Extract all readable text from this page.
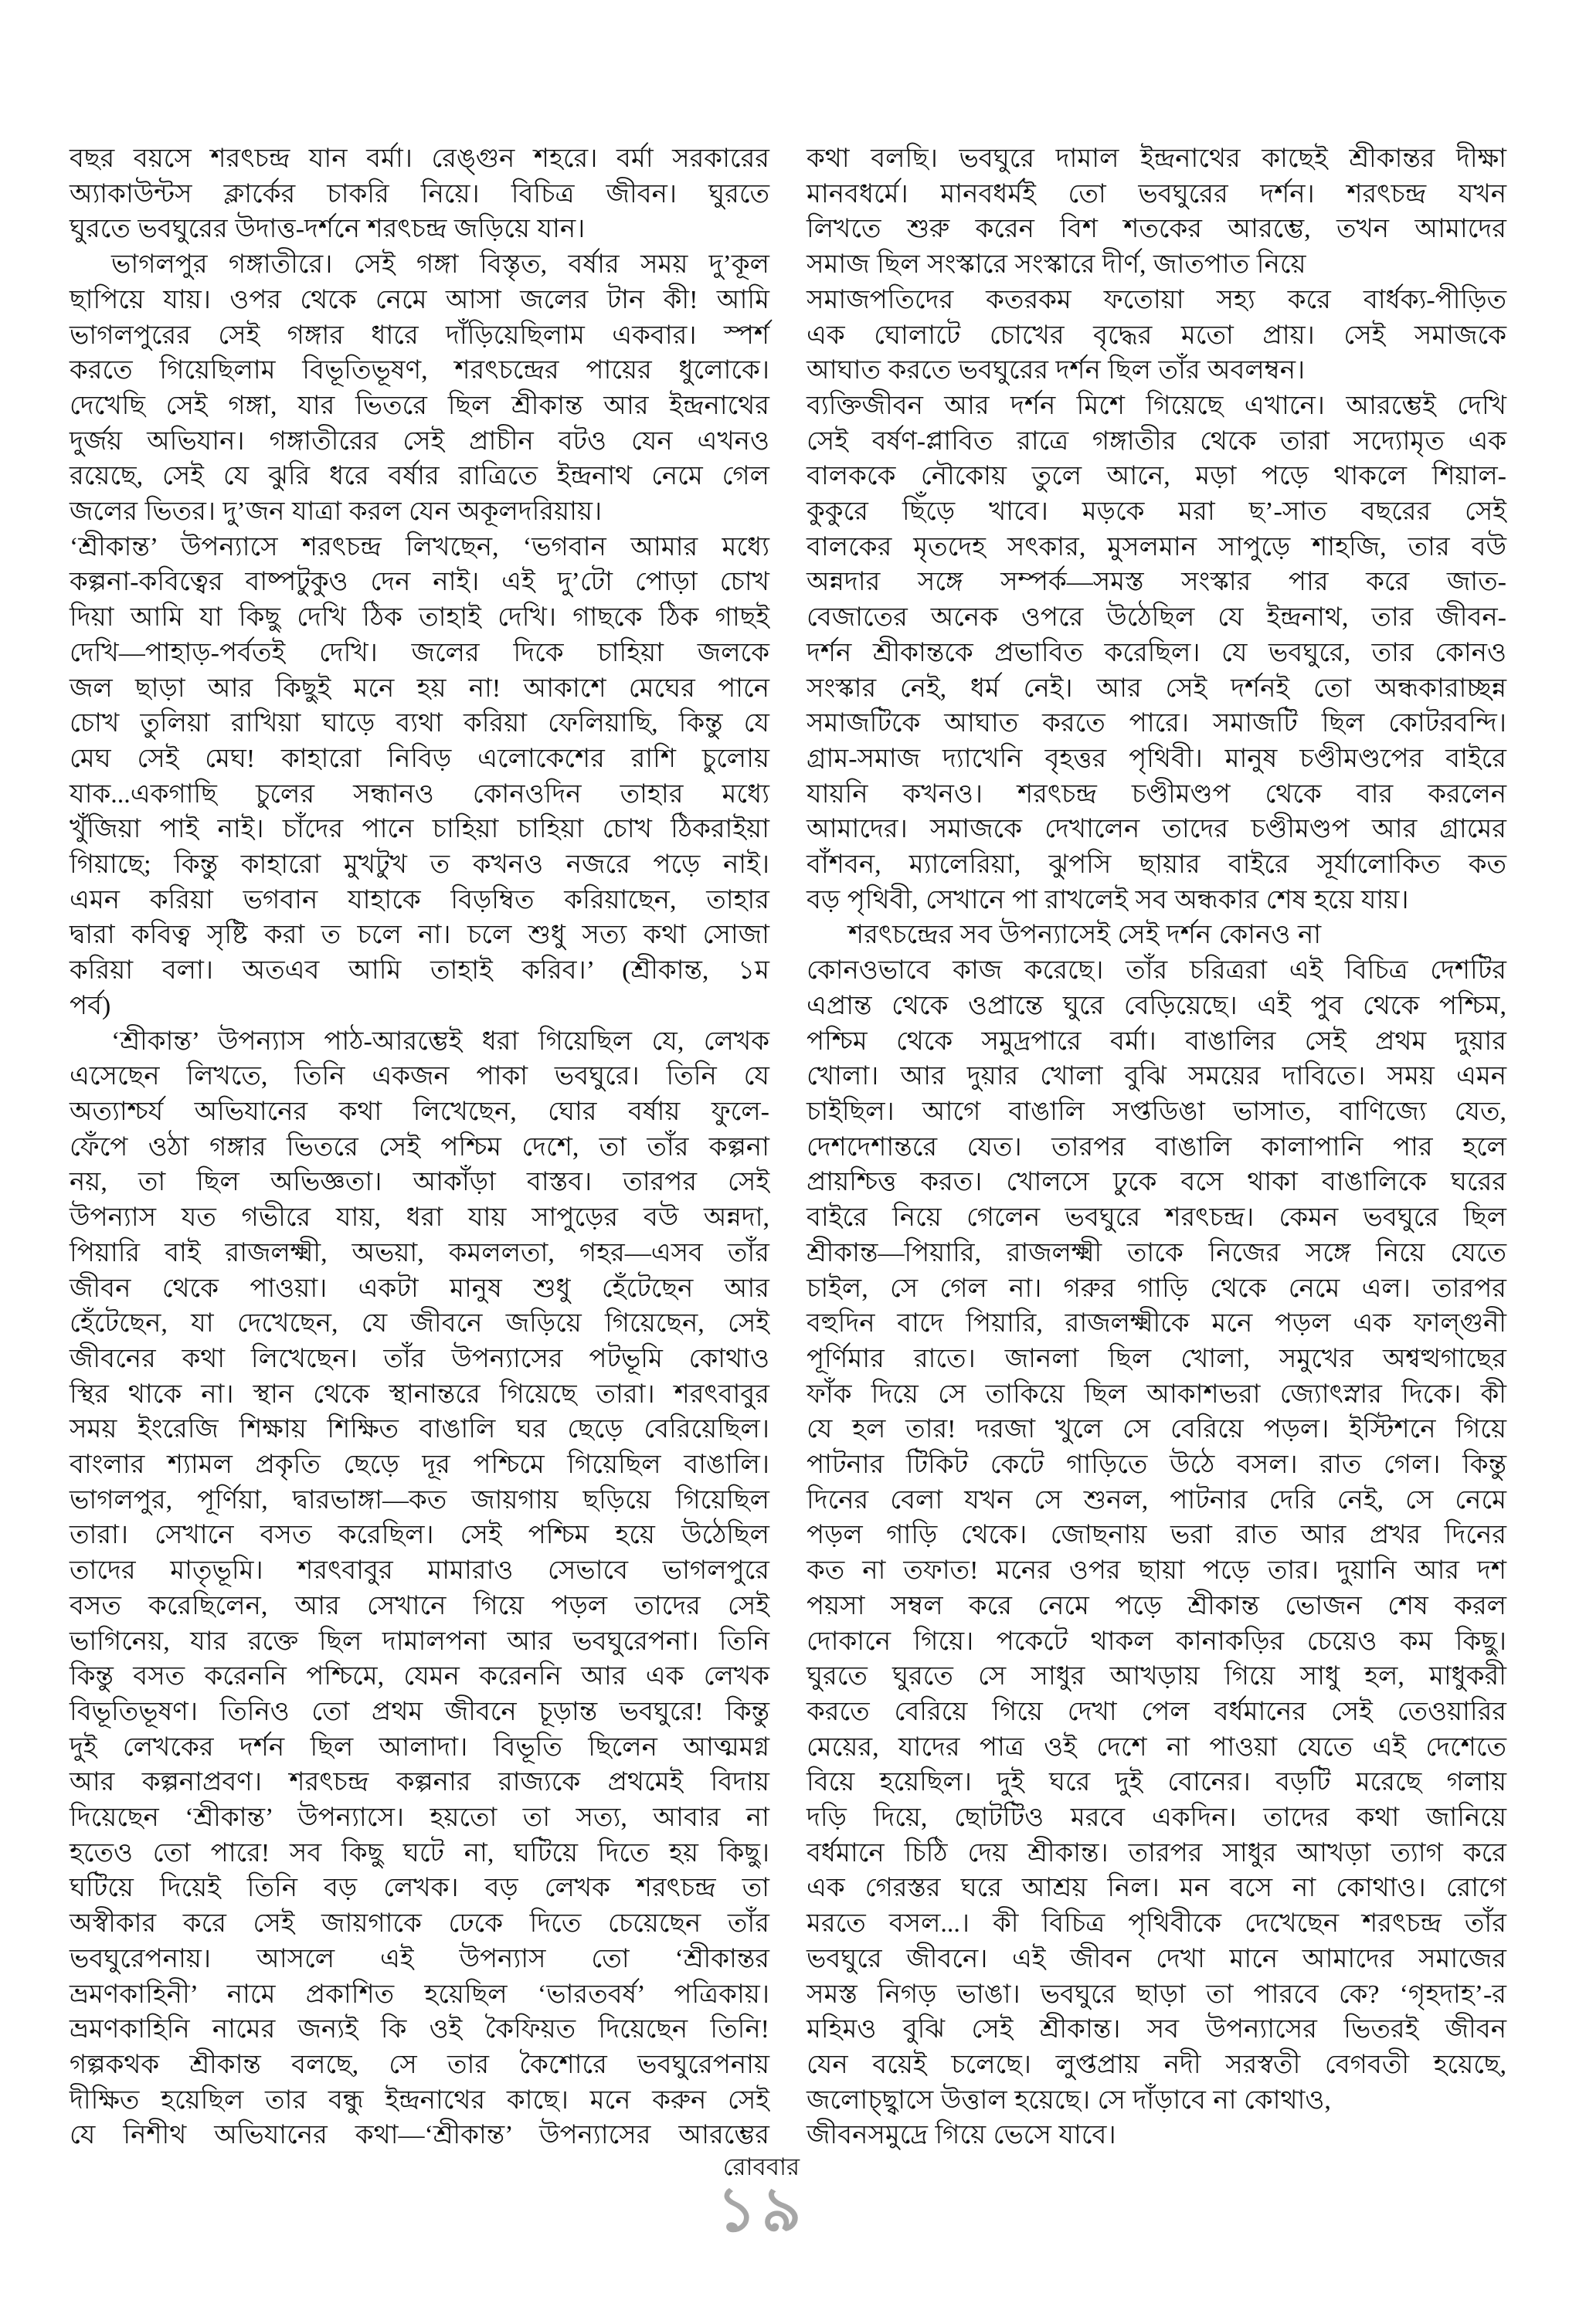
বছর বয়সে শরৎচন্দ্র যান বর্মা। রেঙ্গুন শহরে। বর্মা সরকারের
অ্যাকাউন্টস ক্লার্কের চাকরি নিয়ে। বিচিত্র জীবন। ঘুরতে
ঘুরতে ভবঘুরের উদাত্ত-দর্শনে শরৎচন্দ্র জড়িয়ে যান।
ভাগলপুর গঙ্গাতীরে। সেই গঙ্গা বিস্তৃত, বর্ষার সময় দু’কূল
ছাপিয়ে যায়। ওপর থেকে নেমে আসা জলের টান কী! আমি
ভাগলপুরের সেই গঙ্গার ধারে দাঁড়িয়েছিলাম একবার। স্পর্শ
করতে গিয়েছিলাম বিভূতিভূষণ, শরৎচন্দ্রের পায়ের ধুলোকে।
দেখেছি সেই গঙ্গা, যার ভিতরে ছিল শ্রীকান্ত আর ইন্দ্রনাথের
দুর্জয় অভিযান। গঙ্গাতীরের সেই প্রাচীন বটও যেন এখনও
রয়েছে, সেই যে ঝুরি ধরে বর্ষার রাত্রিতে ইন্দ্রনাথ নেমে গেল
জলের ভিতর। দু’জন যাত্রা করল যেন অকূলদরিয়ায়।
‘শ্রীকান্ত’ উপন্যাসে শরৎচন্দ্র লিখছেন, ‘ভগবান আমার মধ্যে
কল্পনা-কবিত্বের বাষ্পটুকুও দেন নাই। এই দু’টো পোড়া চোখ
দিয়া আমি যা কিছু দেখি ঠিক তাহাই দেখি। গাছকে ঠিক গাছই
দেখি—পাহাড়-পর্বতই দেখি। জলের দিকে চাহিয়া জলকে
জল ছাড়া আর কিছুই মনে হয় না! আকাশে মেঘের পানে
চোখ তুলিয়া রাখিয়া ঘাড়ে ব্যথা করিয়া ফেলিয়াছি, কিন্তু যে
মেঘ সেই মেঘ! কাহারো নিবিড় এলোকেশের রাশি চুলোয়
যাক...একগাছি চুলের সন্ধানও কোনওদিন তাহার মধ্যে
খুঁজিয়া পাই নাই। চাঁদের পানে চাহিয়া চাহিয়া চোখ ঠিকরাইয়া
গিয়াছে; কিন্তু কাহারো মুখটুখ ত কখনও নজরে পড়ে নাই।
এমন করিয়া ভগবান যাহাকে বিড়ম্বিত করিয়াছেন, তাহার
দ্বারা কবিত্ব সৃষ্টি করা ত চলে না। চলে শুধু সত্য কথা সোজা
করিয়া বলা। অতএব আমি তাহাই করিব।’ (শ্রীকান্ত, ১ম
পর্ব)
‘শ্রীকান্ত’ উপন্যাস পাঠ-আরম্ভেই ধরা গিয়েছিল যে, লেখক
এসেছেন লিখতে, তিনি একজন পাকা ভবঘুরে। তিনি যে
অত্যাশ্চর্য অভিযানের কথা লিখেছেন, ঘোর বর্ষায় ফুলে-
ফেঁপে ওঠা গঙ্গার ভিতরে সেই পশ্চিম দেশে, তা তাঁর কল্পনা
নয়, তা ছিল অভিজ্ঞতা। আকাঁড়া বাস্তব। তারপর সেই
উপন্যাস যত গভীরে যায়, ধরা যায় সাপুড়ের বউ অন্নদা,
পিয়ারি বাই রাজলক্ষ্মী, অভয়া, কমললতা, গহর—এসব তাঁর
জীবন থেকে পাওয়া। একটা মানুষ শুধু হেঁটেছেন আর
হেঁটেছেন, যা দেখেছেন, যে জীবনে জড়িয়ে গিয়েছেন, সেই
জীবনের কথা লিখেছেন। তাঁর উপন্যাসের পটভূমি কোথাও
স্থির থাকে না। স্থান থেকে স্থানান্তরে গিয়েছে তারা। শরৎবাবুর
সময় ইংরেজি শিক্ষায় শিক্ষিত বাঙালি ঘর ছেড়ে বেরিয়েছিল।
বাংলার শ্যামল প্রকৃতি ছেড়ে দূর পশ্চিমে গিয়েছিল বাঙালি।
ভাগলপুর, পূর্ণিয়া, দ্বারভাঙ্গা—কত জায়গায় ছড়িয়ে গিয়েছিল
তারা। সেখানে বসত করেছিল। সেই পশ্চিম হয়ে উঠেছিল
তাদের মাতৃভূমি। শরৎবাবুর মামারাও সেভাবে ভাগলপুরে
বসত করেছিলেন, আর সেখানে গিয়ে পড়ল তাদের সেই
ভাগিনেয়, যার রক্তে ছিল দামালপনা আর ভবঘুরেপনা। তিনি
কিন্তু বসত করেননি পশ্চিমে, যেমন করেননি আর এক লেখক
বিভূতিভূষণ। তিনিও তো প্রথম জীবনে চূড়ান্ত ভবঘুরে! কিন্তু
দুই লেখকের দর্শন ছিল আলাদা। বিভূতি ছিলেন আত্মমগ্ন
আর কল্পনাপ্রবণ। শরৎচন্দ্র কল্পনার রাজ্যকে প্রথমেই বিদায়
দিয়েছেন ‘শ্রীকান্ত’ উপন্যাসে। হয়তো তা সত্য, আবার না
হতেও তো পারে! সব কিছু ঘটে না, ঘটিয়ে দিতে হয় কিছু।
ঘটিয়ে দিয়েই তিনি বড় লেখক। বড় লেখক শরৎচন্দ্র তা
অস্বীকার করে সেই জায়গাকে ঢেকে দিতে চেয়েছেন তাঁর
ভবঘুরেপনায়। আসলে এই উপন্যাস তো ‘শ্রীকান্তর
ভ্রমণকাহিনী’ নামে প্রকাশিত হয়েছিল ‘ভারতবর্ষ’ পত্রিকায়।
ভ্রমণকাহিনি নামের জন্যই কি ওই কৈফিয়ত দিয়েছেন তিনি!
গল্পকথক শ্রীকান্ত বলছে, সে তার কৈশোরে ভবঘুরেপনায়
দীক্ষিত হয়েছিল তার বন্ধু ইন্দ্রনাথের কাছে। মনে করুন সেই
যে নিশীথ অভিযানের কথা—‘শ্রীকান্ত’ উপন্যাসের আরম্ভের
কথা বলছি। ভবঘুরে দামাল ইন্দ্রনাথের কাছেই শ্রীকান্তর দীক্ষা
মানবধর্মে। মানবধর্মই তো ভবঘুরের দর্শন। শরৎচন্দ্র যখন
লিখতে শুরু করেন বিশ শতকের আরম্ভে, তখন আমাদের
সমাজ ছিল সংস্কারে সংস্কারে দীর্ণ, জাতপাত নিয়ে
সমাজপতিদের কতরকম ফতোয়া সহ্য করে বার্ধক্য-পীড়িত
এক ঘোলাটে চোখের বৃদ্ধের মতো প্রায়। সেই সমাজকে
আঘাত করতে ভবঘুরের দর্শন ছিল তাঁর অবলম্বন।
ব্যক্তিজীবন আর দর্শন মিশে গিয়েছে এখানে। আরম্ভেই দেখি
সেই বর্ষণ-প্লাবিত রাত্রে গঙ্গাতীর থেকে তারা সদ্যোমৃত এক
বালককে নৌকোয় তুলে আনে, মড়া পড়ে থাকলে শিয়াল-
কুকুরে ছিঁড়ে খাবে। মড়কে মরা ছ’-সাত বছরের সেই
বালকের মৃতদেহ সৎকার, মুসলমান সাপুড়ে শাহজি, তার বউ
অন্নদার সঙ্গে সম্পর্ক—সমস্ত সংস্কার পার করে জাত-
বেজাতের অনেক ওপরে উঠেছিল যে ইন্দ্রনাথ, তার জীবন-
দর্শন শ্রীকান্তকে প্রভাবিত করেছিল। যে ভবঘুরে, তার কোনও
সংস্কার নেই, ধর্ম নেই। আর সেই দর্শনই তো অন্ধকারাচ্ছন্ন
সমাজটিকে আঘাত করতে পারে। সমাজটি ছিল কোটরবন্দি।
গ্রাম-সমাজ দ্যাখেনি বৃহত্তর পৃথিবী। মানুষ চণ্ডীমণ্ডপের বাইরে
যায়নি কখনও। শরৎচন্দ্র চণ্ডীমণ্ডপ থেকে বার করলেন
আমাদের। সমাজকে দেখালেন তাদের চণ্ডীমণ্ডপ আর গ্রামের
বাঁশবন, ম্যালেরিয়া, ঝুপসি ছায়ার বাইরে সূর্যালোকিত কত
বড় পৃথিবী, সেখানে পা রাখলেই সব অন্ধকার শেষ হয়ে যায়।
শরৎচন্দ্রের সব উপন্যাসেই সেই দর্শন কোনও না
কোনওভাবে কাজ করেছে। তাঁর চরিত্ররা এই বিচিত্র দেশটির
এপ্রান্ত থেকে ওপ্রান্তে ঘুরে বেড়িয়েছে। এই পুব থেকে পশ্চিম,
পশ্চিম থেকে সমুদ্রপারে বর্মা। বাঙালির সেই প্রথম দুয়ার
খোলা। আর দুয়ার খোলা বুঝি সময়ের দাবিতে। সময় এমন
চাইছিল। আগে বাঙালি সপ্তডিঙা ভাসাত, বাণিজ্যে যেত,
দেশদেশান্তরে যেত। তারপর বাঙালি কালাপানি পার হলে
প্রায়শ্চিত্ত করত। খোলসে ঢুকে বসে থাকা বাঙালিকে ঘরের
বাইরে নিয়ে গেলেন ভবঘুরে শরৎচন্দ্র। কেমন ভবঘুরে ছিল
শ্রীকান্ত—পিয়ারি, রাজলক্ষ্মী তাকে নিজের সঙ্গে নিয়ে যেতে
চাইল, সে গেল না। গরুর গাড়ি থেকে নেমে এল। তারপর
বহুদিন বাদে পিয়ারি, রাজলক্ষ্মীকে মনে পড়ল এক ফাল্গুনী
পূর্ণিমার রাতে। জানলা ছিল খোলা, সমুখের অশ্বত্থগাছের
ফাঁক দিয়ে সে তাকিয়ে ছিল আকাশভরা জ্যোৎস্নার দিকে। কী
যে হল তার! দরজা খুলে সে বেরিয়ে পড়ল। ইস্টিশনে গিয়ে
পাটনার টিকিট কেটে গাড়িতে উঠে বসল। রাত গেল। কিন্তু
দিনের বেলা যখন সে শুনল, পাটনার দেরি নেই, সে নেমে
পড়ল গাড়ি থেকে। জোছনায় ভরা রাত আর প্রখর দিনের
কত না তফাত! মনের ওপর ছায়া পড়ে তার। দুয়ানি আর দশ
পয়সা সম্বল করে নেমে পড়ে শ্রীকান্ত ভোজন শেষ করল
দোকানে গিয়ে। পকেটে থাকল কানাকড়ির চেয়েও কম কিছু।
ঘুরতে ঘুরতে সে সাধুর আখড়ায় গিয়ে সাধু হল, মাধুকরী
করতে বেরিয়ে গিয়ে দেখা পেল বর্ধমানের সেই তেওয়ারির
মেয়ের, যাদের পাত্র ওই দেশে না পাওয়া যেতে এই দেশেতে
বিয়ে হয়েছিল। দুই ঘরে দুই বোনের। বড়টি মরেছে গলায়
দড়ি দিয়ে, ছোটটিও মরবে একদিন। তাদের কথা জানিয়ে
বর্ধমানে চিঠি দেয় শ্রীকান্ত। তারপর সাধুর আখড়া ত্যাগ করে
এক গেরস্তর ঘরে আশ্রয় নিল। মন বসে না কোথাও। রোগে
মরতে বসল...। কী বিচিত্র পৃথিবীকে দেখেছেন শরৎচন্দ্র তাঁর
ভবঘুরে জীবনে। এই জীবন দেখা মানে আমাদের সমাজের
সমস্ত নিগড় ভাঙা। ভবঘুরে ছাড়া তা পারবে কে? ‘গৃহদাহ’-র
মহিমও বুঝি সেই শ্রীকান্ত। সব উপন্যাসের ভিতরই জীবন
যেন বয়েই চলেছে। লুপ্তপ্রায় নদী সরস্বতী বেগবতী হয়েছে,
জলোচ্ছ্বাসে উত্তাল হয়েছে। সে দাঁড়াবে না কোথাও,
জীবনসমুদ্রে গিয়ে ভেসে যাবে।
রোববার
১৯
